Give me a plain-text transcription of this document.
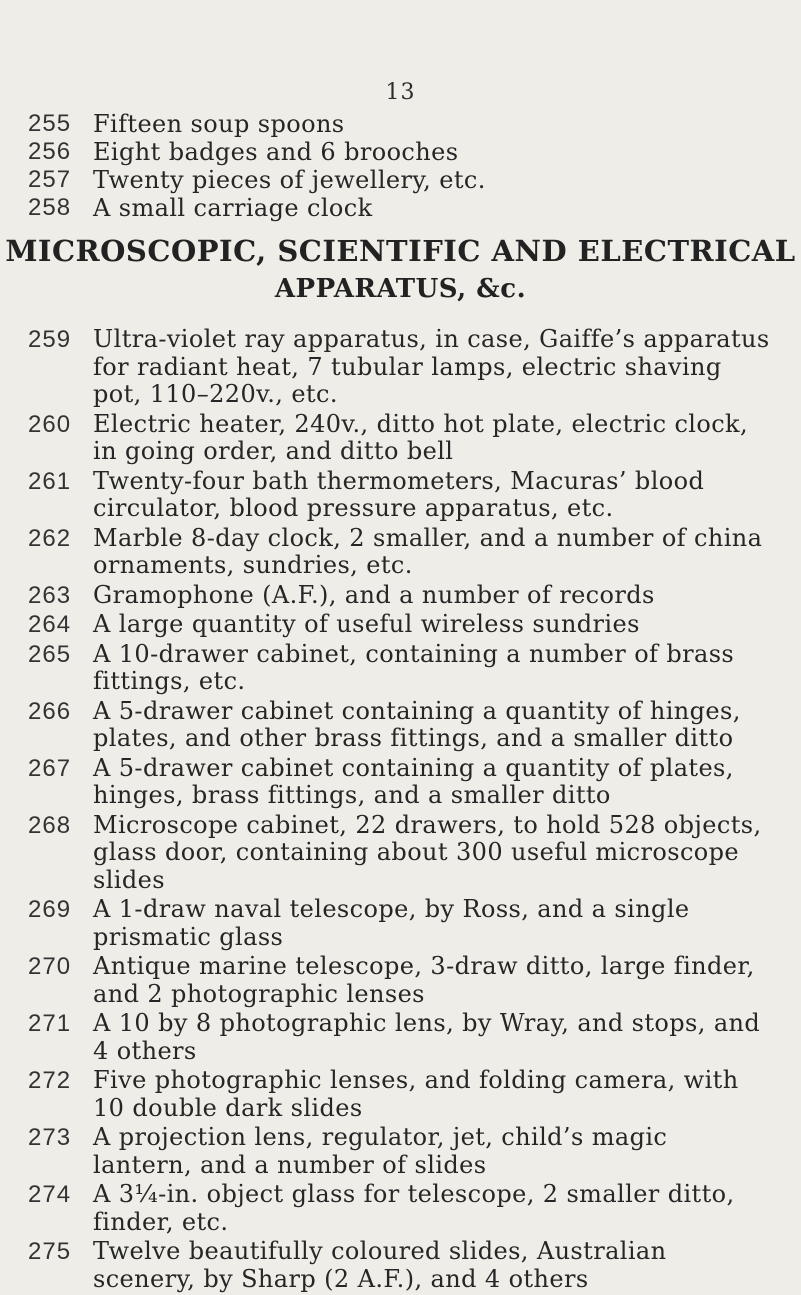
13
255 Fifteen soup spoons
256 Eight badges and 6 brooches
257 Twenty pieces of jewellery, etc.
258 A small carriage clock
MICROSCOPIC, SCIENTIFIC AND ELECTRICAL
APPARATUS, &c.
259 Ultra-violet ray apparatus, in case, Gaiffe’s apparatus for radiant heat, 7 tubular lamps, electric shaving pot, 110–220v., etc.
260 Electric heater, 240v., ditto hot plate, electric clock, in going order, and ditto bell
261 Twenty-four bath thermometers, Macuras’ blood circulator, blood pressure apparatus, etc.
262 Marble 8-day clock, 2 smaller, and a number of china ornaments, sundries, etc.
263 Gramophone (A.F.), and a number of records
264 A large quantity of useful wireless sundries
265 A 10-drawer cabinet, containing a number of brass fittings, etc.
266 A 5-drawer cabinet containing a quantity of hinges, plates, and other brass fittings, and a smaller ditto
267 A 5-drawer cabinet containing a quantity of plates, hinges, brass fittings, and a smaller ditto
268 Microscope cabinet, 22 drawers, to hold 528 objects, glass door, containing about 300 useful microscope slides
269 A 1-draw naval telescope, by Ross, and a single prismatic glass
270 Antique marine telescope, 3-draw ditto, large finder, and 2 photographic lenses
271 A 10 by 8 photographic lens, by Wray, and stops, and 4 others
272 Five photographic lenses, and folding camera, with 10 double dark slides
273 A projection lens, regulator, jet, child’s magic lantern, and a number of slides
274 A 3¼-in. object glass for telescope, 2 smaller ditto, finder, etc.
275 Twelve beautifully coloured slides, Australian scenery, by Sharp (2 A.F.), and 4 others
